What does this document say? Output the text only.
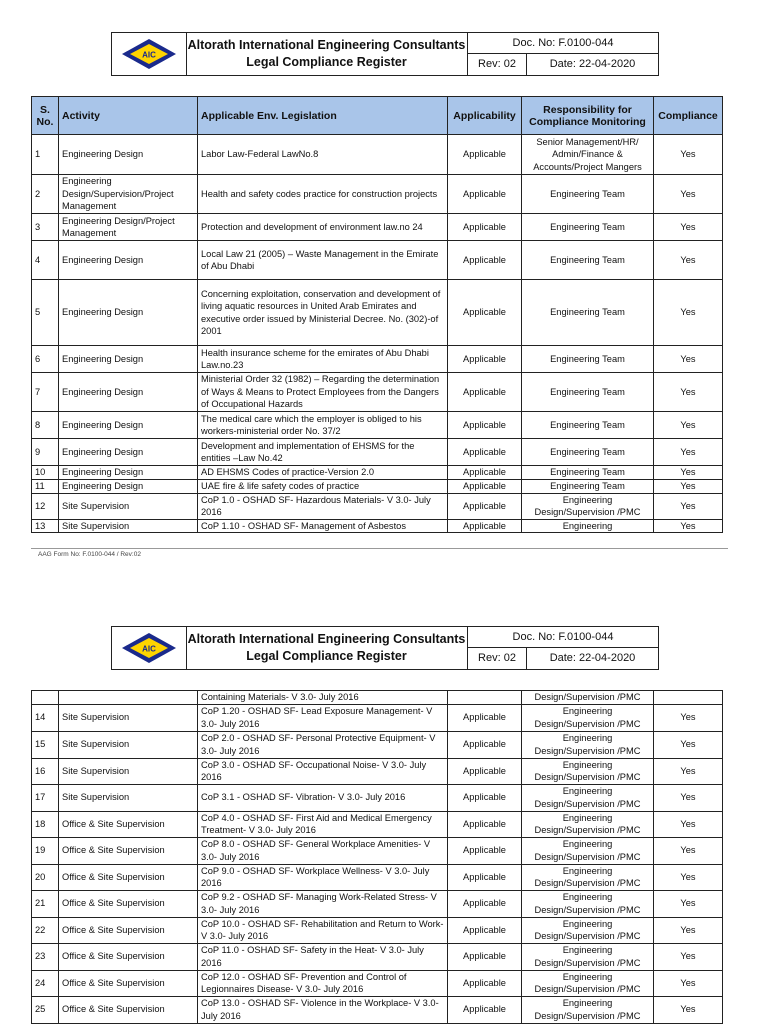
AIC
Altorath International Engineering Consultants
Legal Compliance Register
Doc. No: F.0100-044
Rev: 02	Date: 22-04-2020
S. No.	Activity	Applicable Env. Legislation	Applicability	Responsibility for Compliance Monitoring	Compliance
1	Engineering Design	Labor Law-Federal LawNo.8	Applicable	Senior Management/HR/ Admin/Finance & Accounts/Project Mangers	Yes
2	Engineering Design/Supervision/Project Management	Health and safety codes practice for construction projects	Applicable	Engineering Team	Yes
3	Engineering Design/Project Management	Protection and development of environment law.no 24	Applicable	Engineering Team	Yes
4	Engineering Design	Local Law 21 (2005) – Waste Management in the Emirate of Abu Dhabi	Applicable	Engineering Team	Yes
5	Engineering Design	Concerning exploitation, conservation and development of living aquatic resources in United Arab Emirates and executive order issued by Ministerial Decree. No. (302)-of 2001	Applicable	Engineering Team	Yes
6	Engineering Design	Health insurance scheme for the emirates of Abu Dhabi Law.no.23	Applicable	Engineering Team	Yes
7	Engineering Design	Ministerial Order 32 (1982) – Regarding the determination of Ways & Means to Protect Employees from the Dangers of Occupational Hazards	Applicable	Engineering Team	Yes
8	Engineering Design	The medical care which the employer is obliged to his workers-ministerial order No. 37/2	Applicable	Engineering Team	Yes
9	Engineering Design	Development and implementation of EHSMS for the entities –Law No.42	Applicable	Engineering Team	Yes
10	Engineering Design	AD EHSMS Codes of practice-Version 2.0	Applicable	Engineering Team	Yes
11	Engineering Design	UAE fire & life safety codes of practice	Applicable	Engineering Team	Yes
12	Site Supervision	CoP 1.0 - OSHAD SF- Hazardous Materials- V 3.0- July 2016	Applicable	Engineering Design/Supervision /PMC	Yes
13	Site Supervision	CoP 1.10 - OSHAD SF- Management of Asbestos	Applicable	Engineering	Yes
AAG Form No: F.0100-044 / Rev:02
AIC
Altorath International Engineering Consultants
Legal Compliance Register
Doc. No: F.0100-044
Rev: 02	Date: 22-04-2020
		Containing Materials- V 3.0- July 2016		Design/Supervision /PMC	
14	Site Supervision	CoP 1.20 - OSHAD SF- Lead Exposure Management- V 3.0- July 2016	Applicable	Engineering Design/Supervision /PMC	Yes
15	Site Supervision	CoP 2.0 - OSHAD SF- Personal Protective Equipment- V 3.0- July 2016	Applicable	Engineering Design/Supervision /PMC	Yes
16	Site Supervision	CoP 3.0 - OSHAD SF- Occupational Noise- V 3.0- July 2016	Applicable	Engineering Design/Supervision /PMC	Yes
17	Site Supervision	CoP 3.1 - OSHAD SF- Vibration- V 3.0- July 2016	Applicable	Engineering Design/Supervision /PMC	Yes
18	Office & Site Supervision	CoP 4.0 - OSHAD SF- First Aid and Medical Emergency Treatment- V 3.0- July 2016	Applicable	Engineering Design/Supervision /PMC	Yes
19	Office & Site Supervision	CoP 8.0 - OSHAD SF- General Workplace Amenities- V 3.0- July 2016	Applicable	Engineering Design/Supervision /PMC	Yes
20	Office & Site Supervision	CoP 9.0 - OSHAD SF- Workplace Wellness- V 3.0- July 2016	Applicable	Engineering Design/Supervision /PMC	Yes
21	Office & Site Supervision	CoP 9.2 - OSHAD SF- Managing Work-Related Stress- V 3.0- July 2016	Applicable	Engineering Design/Supervision /PMC	Yes
22	Office & Site Supervision	CoP 10.0 - OSHAD SF- Rehabilitation and Return to Work- V 3.0- July 2016	Applicable	Engineering Design/Supervision /PMC	Yes
23	Office & Site Supervision	CoP 11.0 - OSHAD SF- Safety in the Heat- V 3.0- July 2016	Applicable	Engineering Design/Supervision /PMC	Yes
24	Office & Site Supervision	CoP 12.0 - OSHAD SF- Prevention and Control of Legionnaires Disease- V 3.0- July 2016	Applicable	Engineering Design/Supervision /PMC	Yes
25	Office & Site Supervision	CoP 13.0 - OSHAD SF- Violence in the Workplace- V 3.0- July 2016	Applicable	Engineering Design/Supervision /PMC	Yes
